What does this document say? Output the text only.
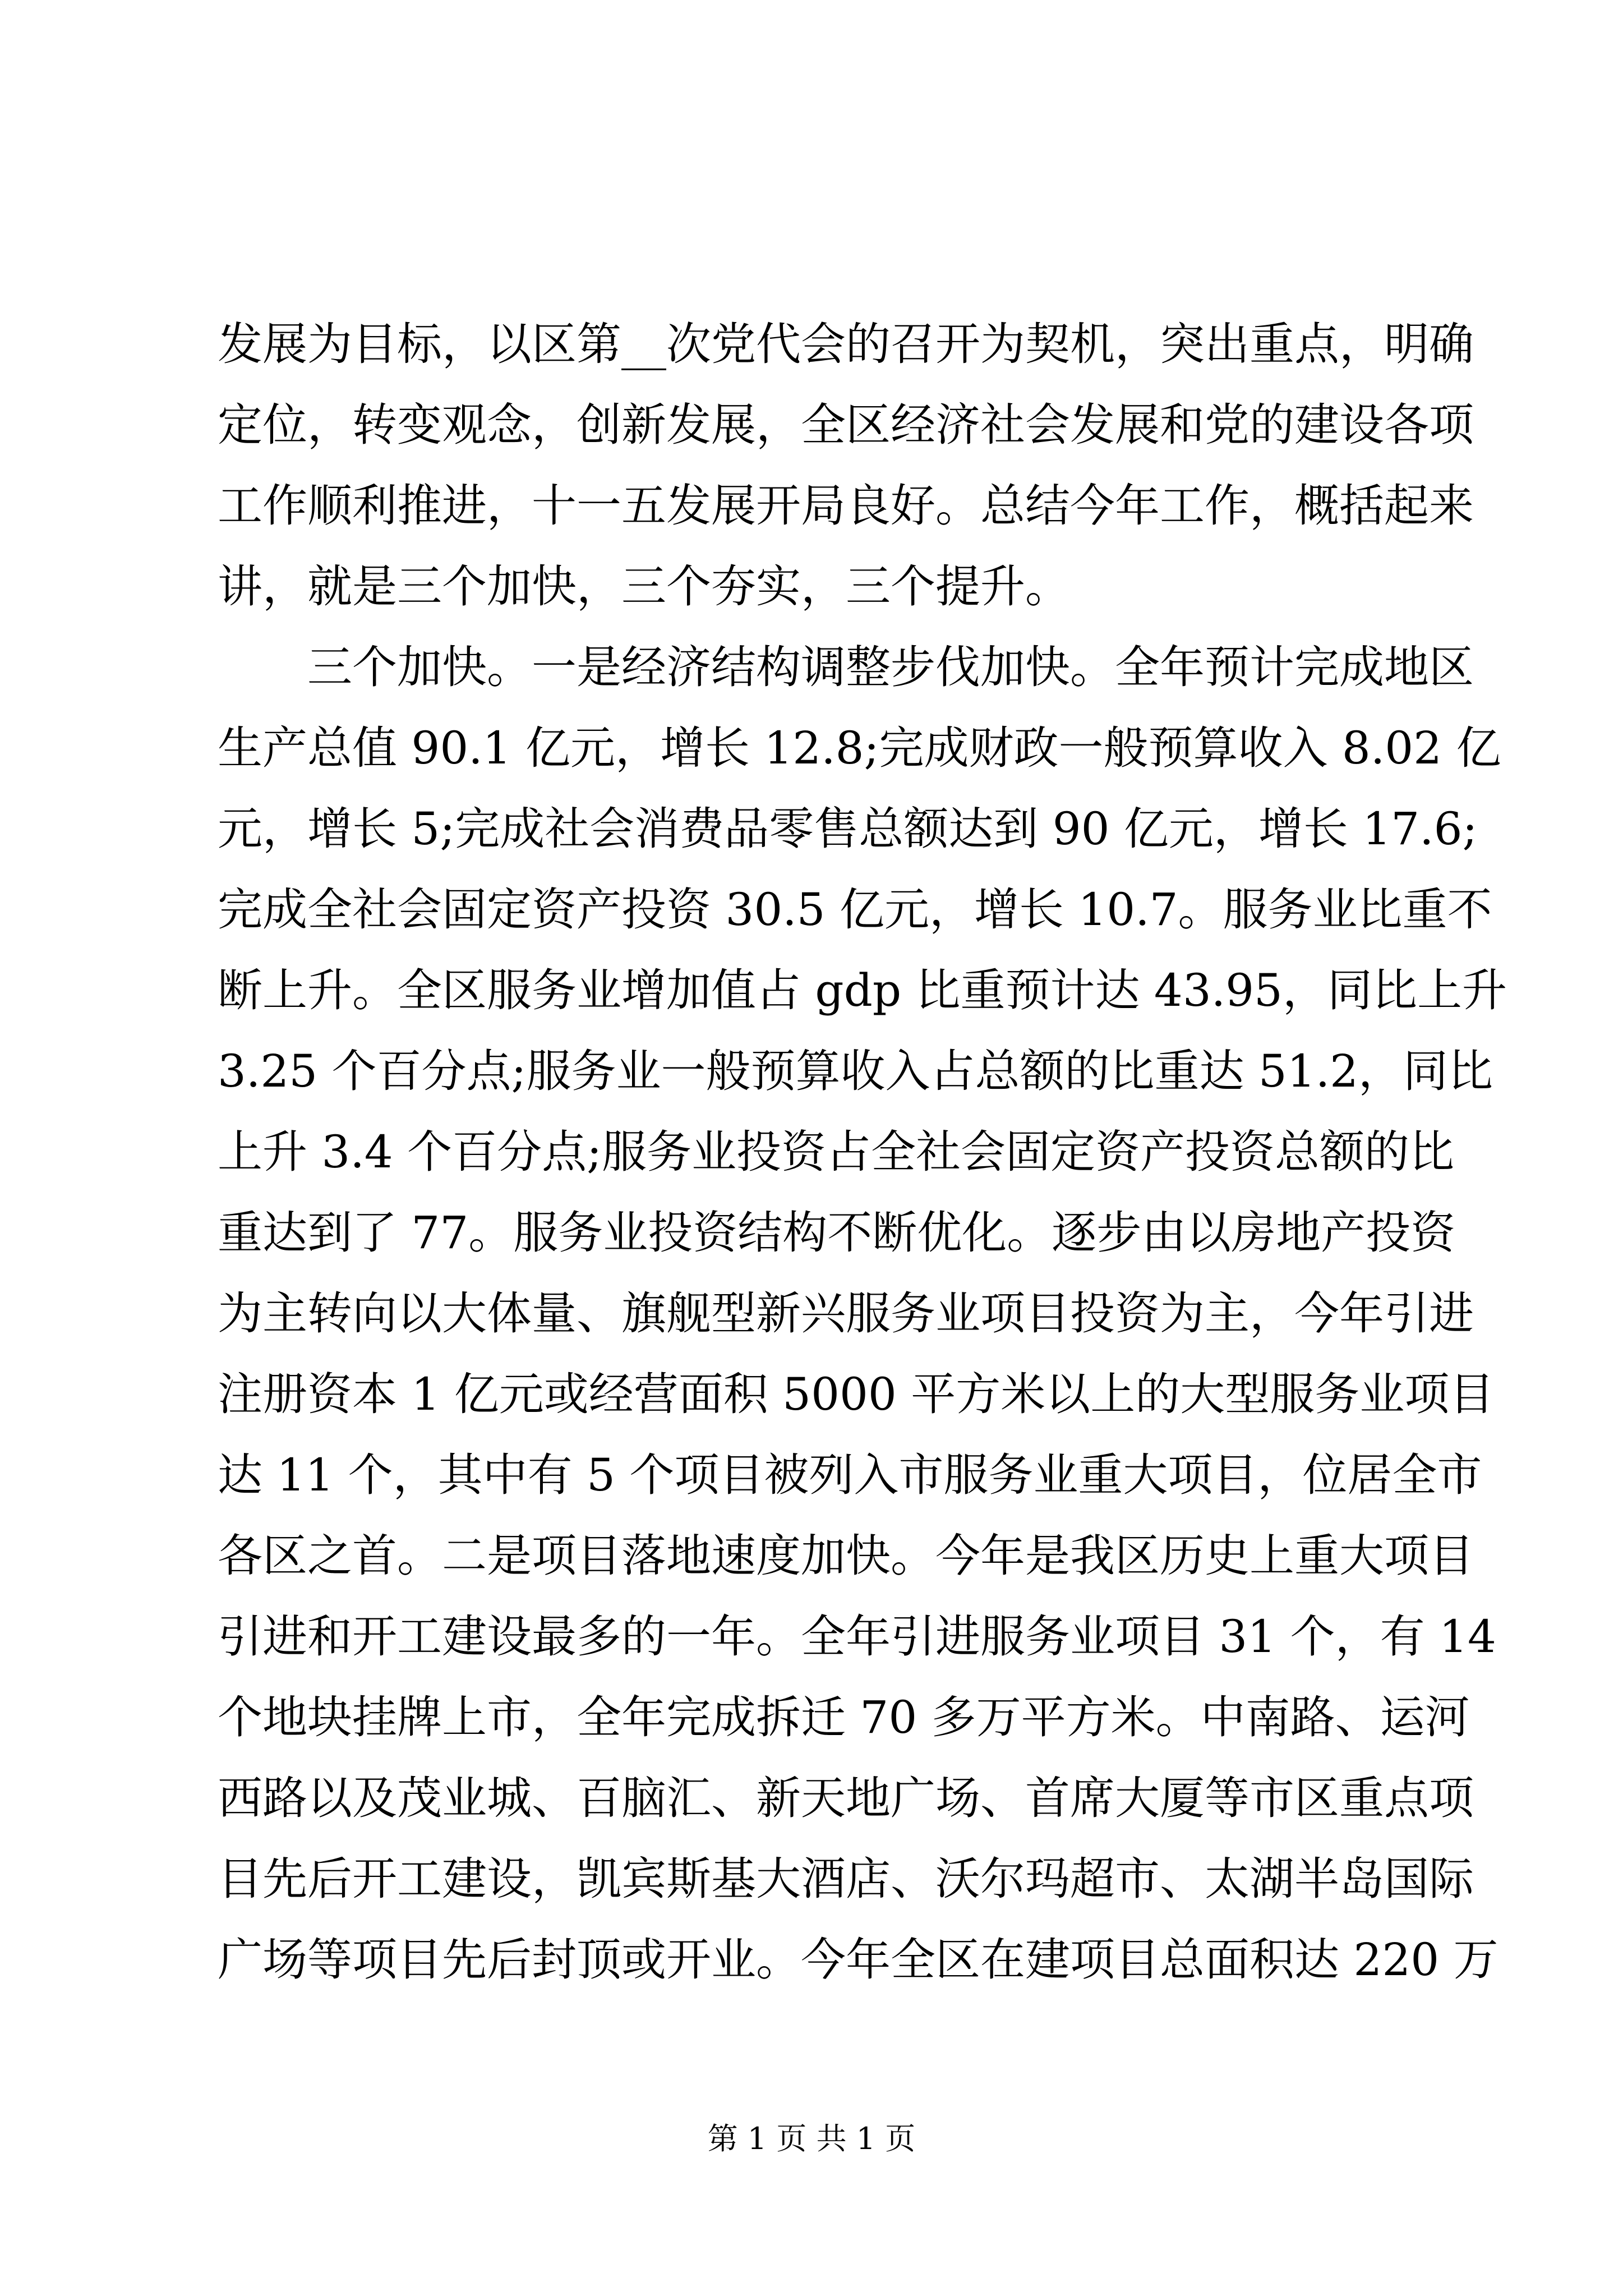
发展为目标，以区第__次党代会的召开为契机，突出重点，明确
定位，转变观念，创新发展，全区经济社会发展和党的建设各项
工作顺利推进，十一五发展开局良好。总结今年工作，概括起来
讲，就是三个加快，三个夯实，三个提升。
　　三个加快。一是经济结构调整步伐加快。全年预计完成地区
生产总值 90.1 亿元，增长 12.8;完成财政一般预算收入 8.02 亿
元，增长 5;完成社会消费品零售总额达到 90 亿元，增长 17.6;
完成全社会固定资产投资 30.5 亿元，增长 10.7。服务业比重不
断上升。全区服务业增加值占 gdp 比重预计达 43.95，同比上升
3.25 个百分点;服务业一般预算收入占总额的比重达 51.2，同比
上升 3.4 个百分点;服务业投资占全社会固定资产投资总额的比
重达到了 77。服务业投资结构不断优化。逐步由以房地产投资
为主转向以大体量、旗舰型新兴服务业项目投资为主，今年引进
注册资本 1 亿元或经营面积 5000 平方米以上的大型服务业项目
达 11 个，其中有 5 个项目被列入市服务业重大项目，位居全市
各区之首。二是项目落地速度加快。今年是我区历史上重大项目
引进和开工建设最多的一年。全年引进服务业项目 31 个，有 14
个地块挂牌上市，全年完成拆迁 70 多万平方米。中南路、运河
西路以及茂业城、百脑汇、新天地广场、首席大厦等市区重点项
目先后开工建设，凯宾斯基大酒店、沃尔玛超市、太湖半岛国际
广场等项目先后封顶或开业。今年全区在建项目总面积达 220 万
第 1 页 共 1 页
